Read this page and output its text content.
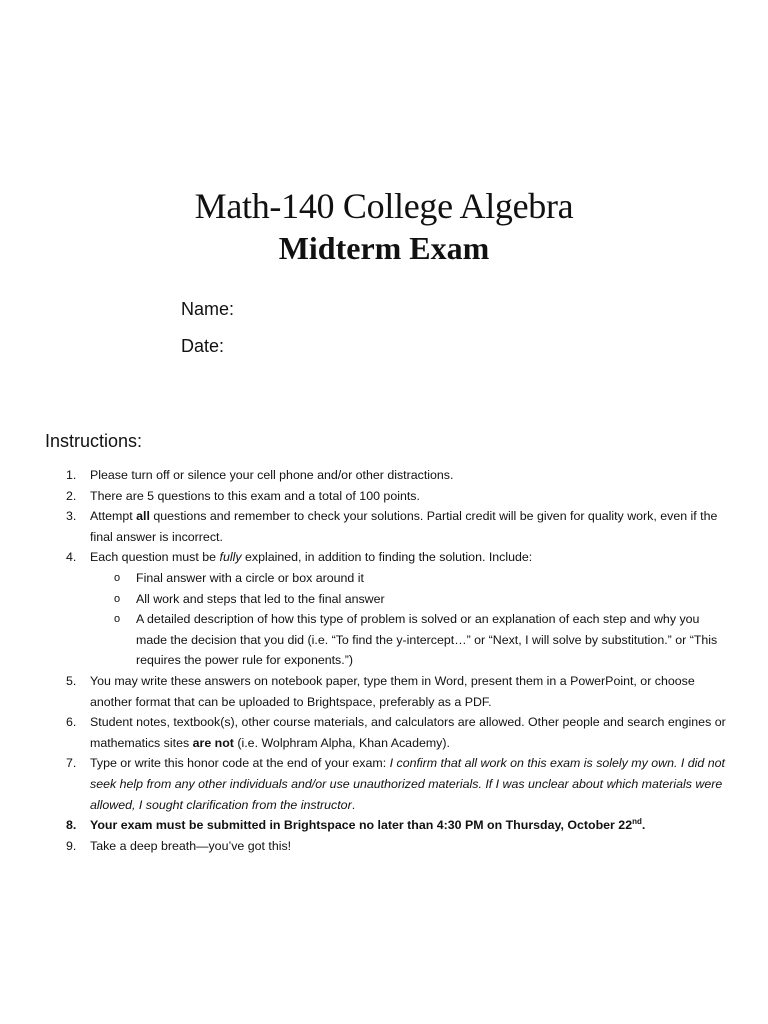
Math-140 College Algebra
Midterm Exam
Name:
Date:
Instructions:
1.	Please turn off or silence your cell phone and/or other distractions.
2.	There are 5 questions to this exam and a total of 100 points.
3.	Attempt all questions and remember to check your solutions. Partial credit will be given for quality work, even if the final answer is incorrect.
4.	Each question must be fully explained, in addition to finding the solution. Include:
o Final answer with a circle or box around it
o All work and steps that led to the final answer
o A detailed description of how this type of problem is solved or an explanation of each step and why you made the decision that you did (i.e. “To find the y-intercept…” or “Next, I will solve by substitution.” or “This requires the power rule for exponents.”)
5.	You may write these answers on notebook paper, type them in Word, present them in a PowerPoint, or choose another format that can be uploaded to Brightspace, preferably as a PDF.
6.	Student notes, textbook(s), other course materials, and calculators are allowed. Other people and search engines or mathematics sites are not (i.e. Wolphram Alpha, Khan Academy).
7.	Type or write this honor code at the end of your exam: I confirm that all work on this exam is solely my own. I did not seek help from any other individuals and/or use unauthorized materials. If I was unclear about which materials were allowed, I sought clarification from the instructor.
8.	Your exam must be submitted in Brightspace no later than 4:30 PM on Thursday, October 22nd.
9.	Take a deep breath—you’ve got this!
